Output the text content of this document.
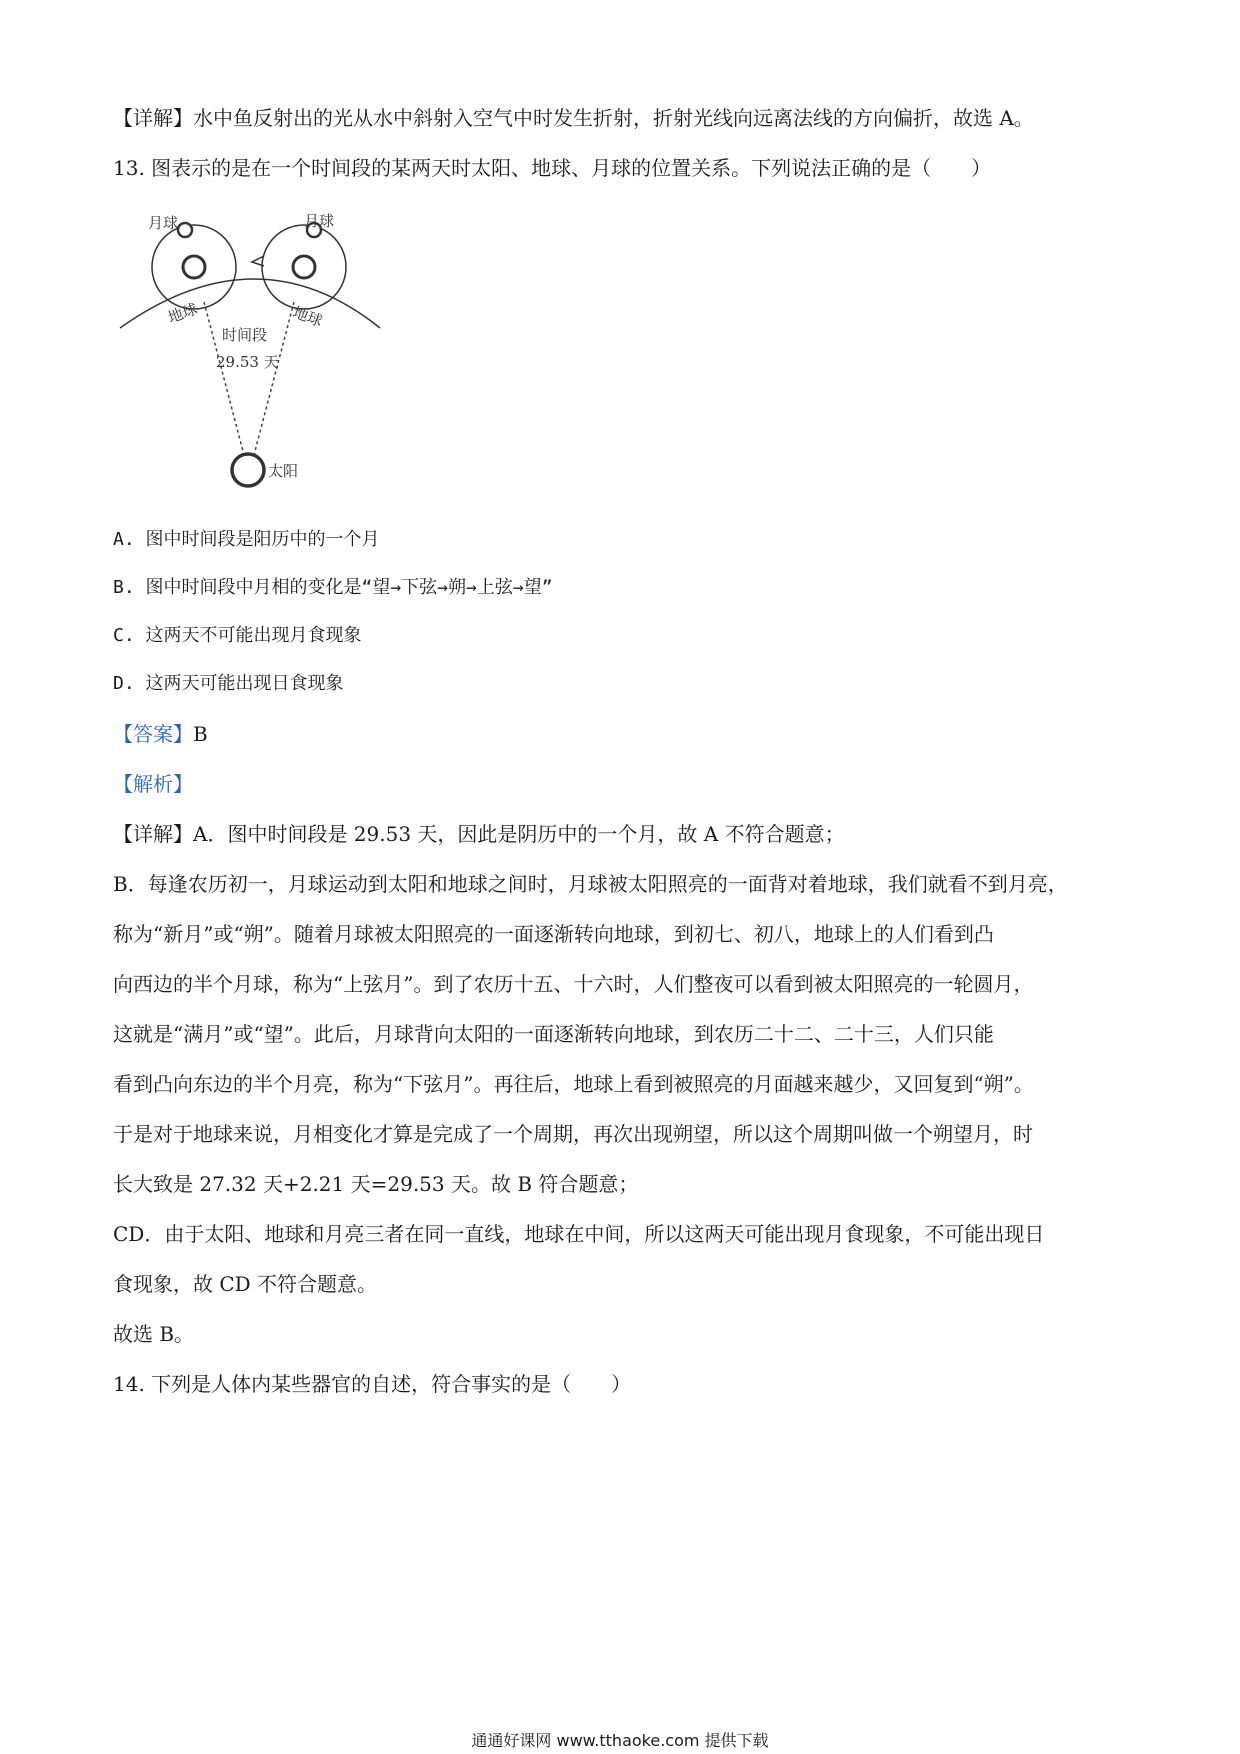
【详解】水中鱼反射出的光从水中斜射入空气中时发生折射，折射光线向远离法线的方向偏折，故选 A。
13. 图表示的是在一个时间段的某两天时太阳、地球、月球的位置关系。下列说法正确的是（　　）
月球	月球
地球	地球
时间段
29.53 天
太阳
A. 图中时间段是阳历中的一个月
B. 图中时间段中月相的变化是“望→下弦→朔→上弦→望”
C. 这两天不可能出现月食现象
D. 这两天可能出现日食现象
【答案】B
【解析】
【详解】A．图中时间段是 29.53 天，因此是阴历中的一个月，故 A 不符合题意；
B．每逢农历初一，月球运动到太阳和地球之间时，月球被太阳照亮的一面背对着地球，我们就看不到月亮，
称为“新月”或“朔”。随着月球被太阳照亮的一面逐渐转向地球，到初七、初八，地球上的人们看到凸
向西边的半个月球，称为“上弦月”。到了农历十五、十六时，人们整夜可以看到被太阳照亮的一轮圆月，
这就是“满月”或“望”。此后，月球背向太阳的一面逐渐转向地球，到农历二十二、二十三，人们只能
看到凸向东边的半个月亮，称为“下弦月”。再往后，地球上看到被照亮的月面越来越少，又回复到“朔”。
于是对于地球来说，月相变化才算是完成了一个周期，再次出现朔望，所以这个周期叫做一个朔望月，时
长大致是 27.32 天+2.21 天=29.53 天。故 B 符合题意；
CD．由于太阳、地球和月亮三者在同一直线，地球在中间，所以这两天可能出现月食现象，不可能出现日
食现象，故 CD 不符合题意。
故选 B。
14. 下列是人体内某些器官的自述，符合事实的是（　　）
通通好课网 www.tthaoke.com 提供下载
